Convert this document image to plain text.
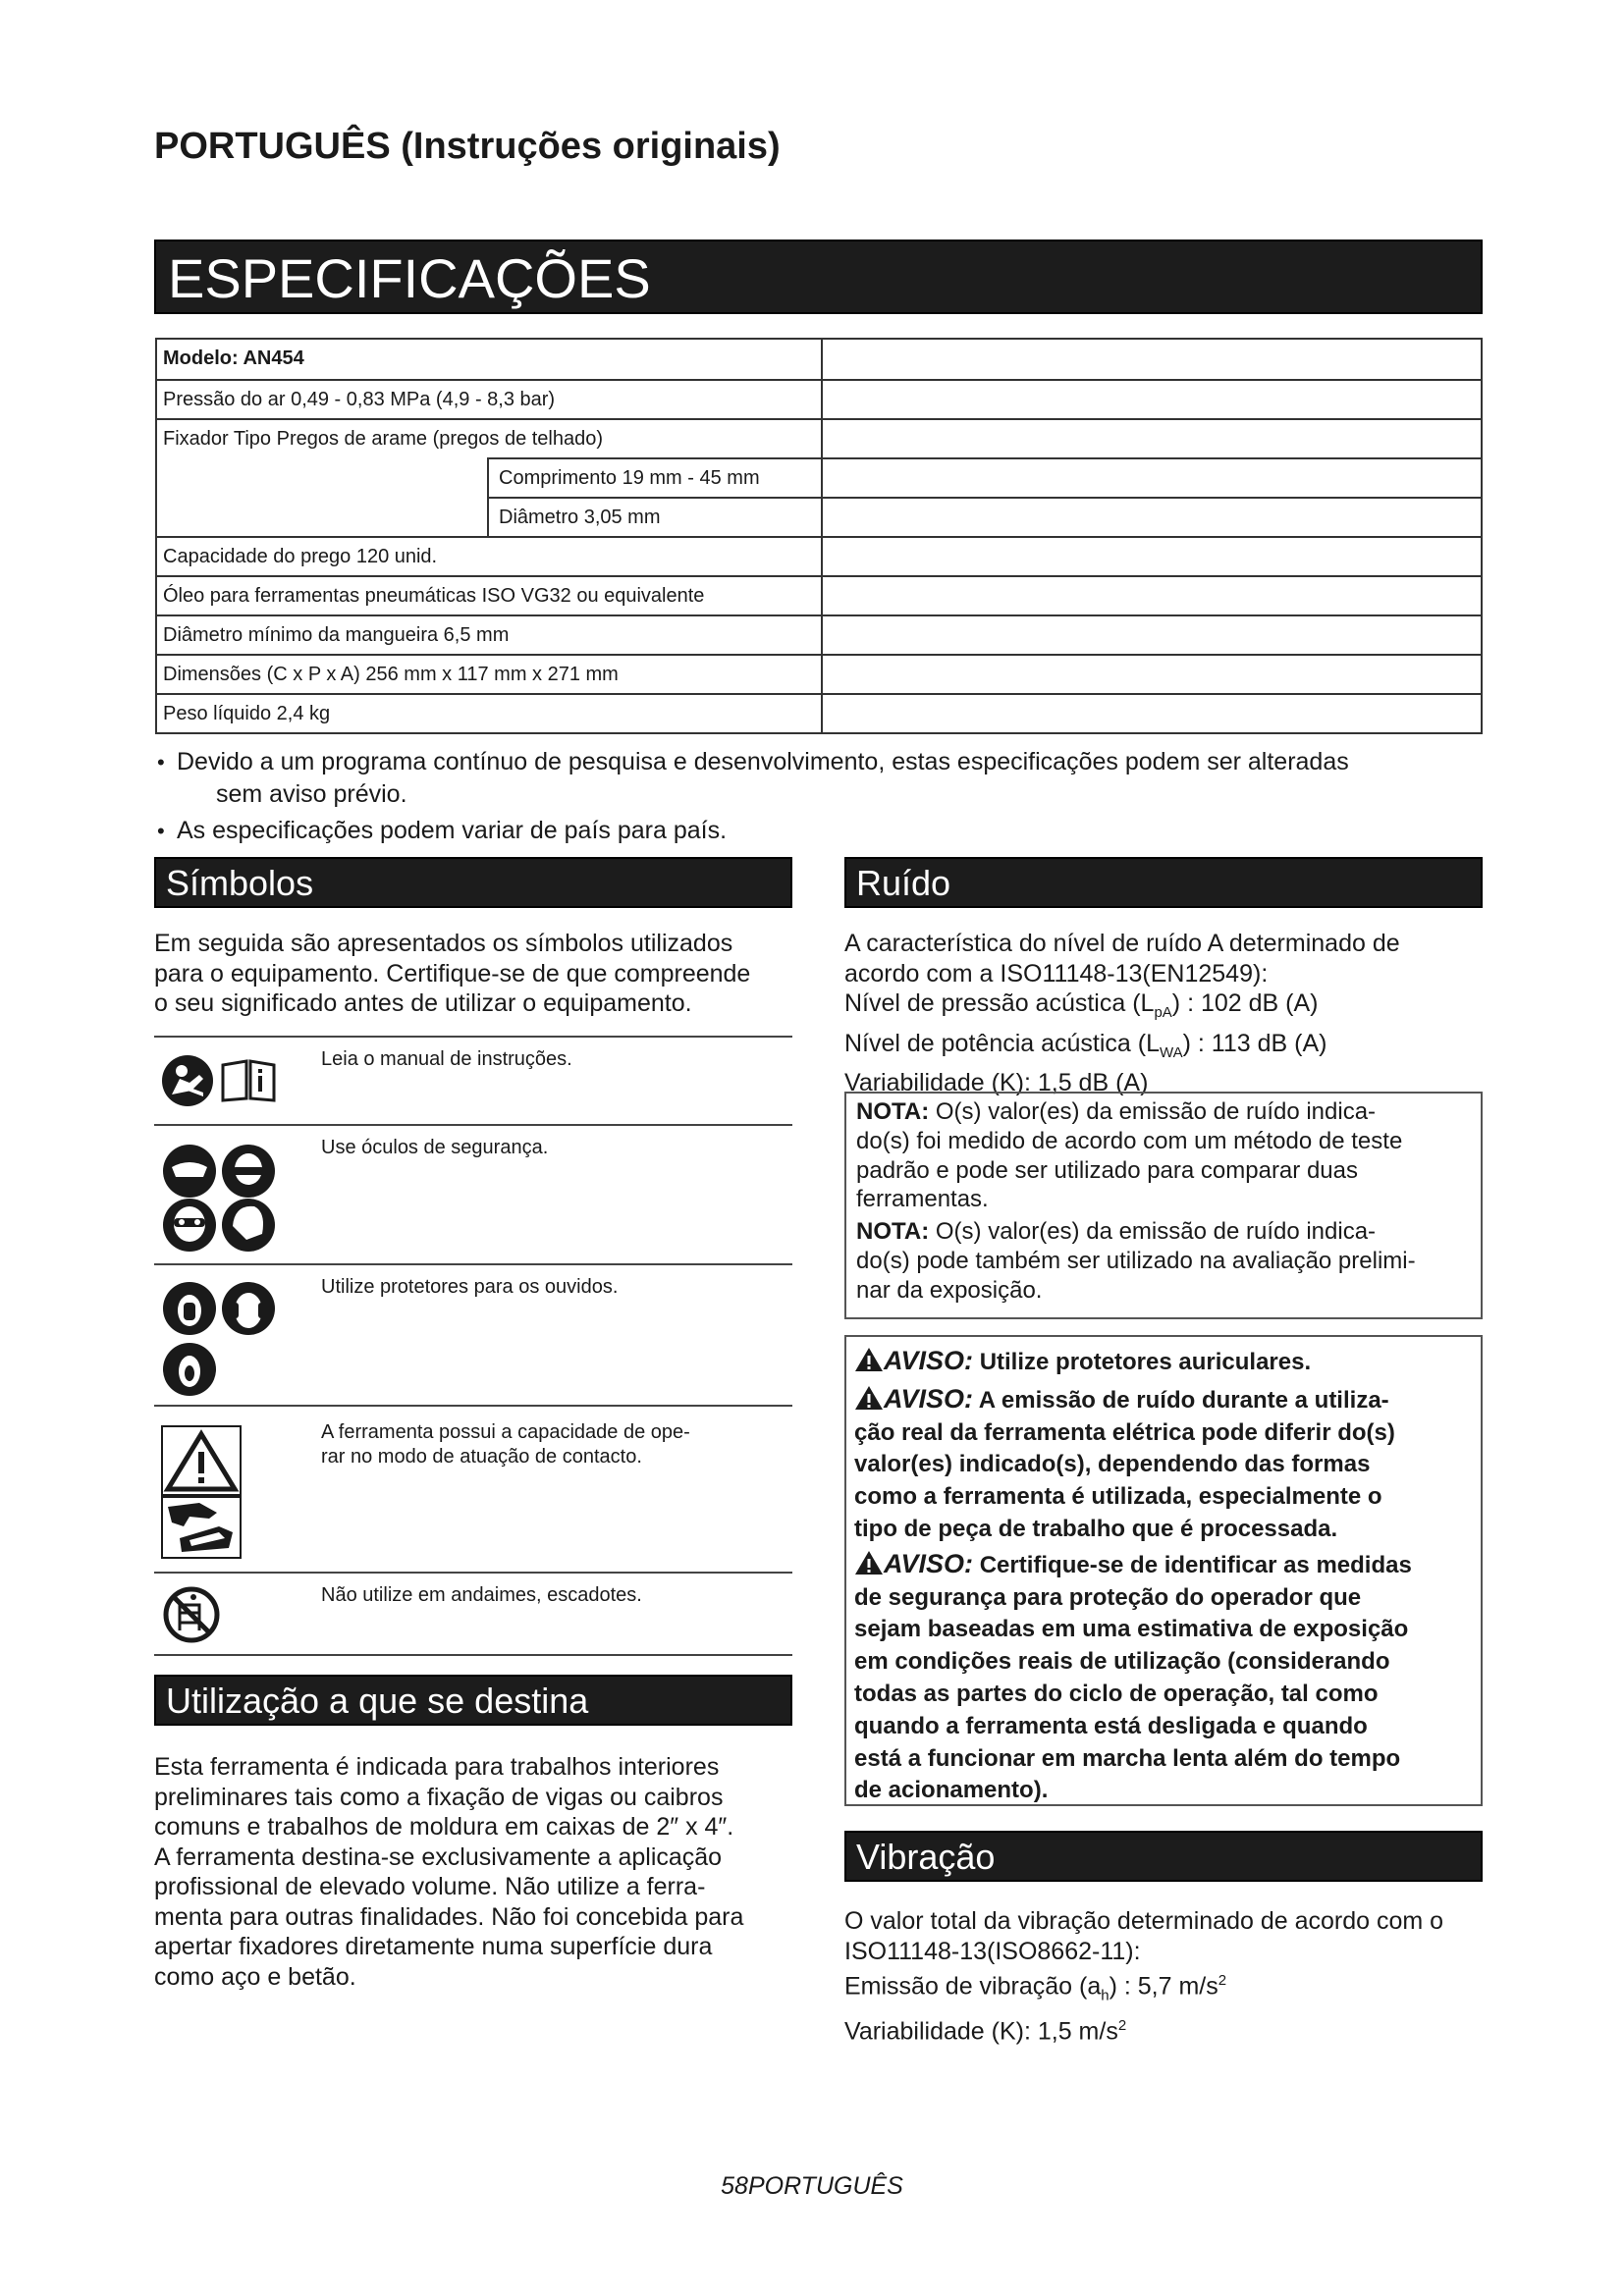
PORTUGUÊS (Instruções originais)
ESPECIFICAÇÕES
Modelo: AN454
Pressão do ar 0,49 - 0,83 MPa (4,9 - 8,3 bar)
Fixador Tipo Pregos de arame (pregos de telhado)
Comprimento 19 mm - 45 mm
Diâmetro 3,05 mm
Capacidade do prego 120 unid.
Óleo para ferramentas pneumáticas ISO VG32 ou equivalente
Diâmetro mínimo da mangueira 6,5 mm
Dimensões (C x P x A) 256 mm x 117 mm x 271 mm
Peso líquido 2,4 kg
• Devido a um programa contínuo de pesquisa e desenvolvimento, estas especificações podem ser alteradas
sem aviso prévio.
• As especificações podem variar de país para país.
Símbolos
Em seguida são apresentados os símbolos utilizados
para o equipamento. Certifique-se de que compreende
o seu significado antes de utilizar o equipamento.
Leia o manual de instruções.
Use óculos de segurança.
Utilize protetores para os ouvidos.
A ferramenta possui a capacidade de ope-
rar no modo de atuação de contacto.
Não utilize em andaimes, escadotes.
Utilização a que se destina
Esta ferramenta é indicada para trabalhos interiores
preliminares tais como a fixação de vigas ou caibros
comuns e trabalhos de moldura em caixas de 2″ x 4″.
A ferramenta destina-se exclusivamente a aplicação
profissional de elevado volume. Não utilize a ferra-
menta para outras finalidades. Não foi concebida para
apertar fixadores diretamente numa superfície dura
como aço e betão.
Ruído
A característica do nível de ruído A determinado de
acordo com a ISO11148-13(EN12549):
Nível de pressão acústica $(L_{pA})$ : 102 dB (A)
Nível de potência acústica $(L_{WA})$ : 113 dB (A)
Variabilidade (K): 1,5 dB (A)

NOTA: O(s) valor(es) da emissão de ruído indica-

do(s) foi medido de acordo com um método de teste

padrão e pode ser utilizado para comparar duas

ferramentas.

NOTA: O(s) valor(es) da emissão de ruído indica-

do(s) pode também ser utilizado na avaliação prelimi-

nar da exposição.

AVISO: Utilize protetores auriculares.

AVISO: A emissão de ruído durante a utiliza-

ção real da ferramenta elétrica pode diferir do(s)

valor(es) indicado(s), dependendo das formas

como a ferramenta é utilizada, especialmente o

tipo de peça de trabalho que é processada.

AVISO: Certifique-se de identificar as medidas

de segurança para proteção do operador que

sejam baseadas em uma estimativa de exposição

em condições reais de utilização (considerando

todas as partes do ciclo de operação, tal como

quando a ferramenta está desligada e quando

está a funcionar em marcha lenta além do tempo

de acionamento).

Vibração
O valor total da vibração determinado de acordo com o
ISO11148-13(ISO8662-11):
Emissão de vibração $(a_h)$ : 5,7 $m/s^2$
Variabilidade (K): 1,5 $m/s^2$
58PORTUGUÊS
